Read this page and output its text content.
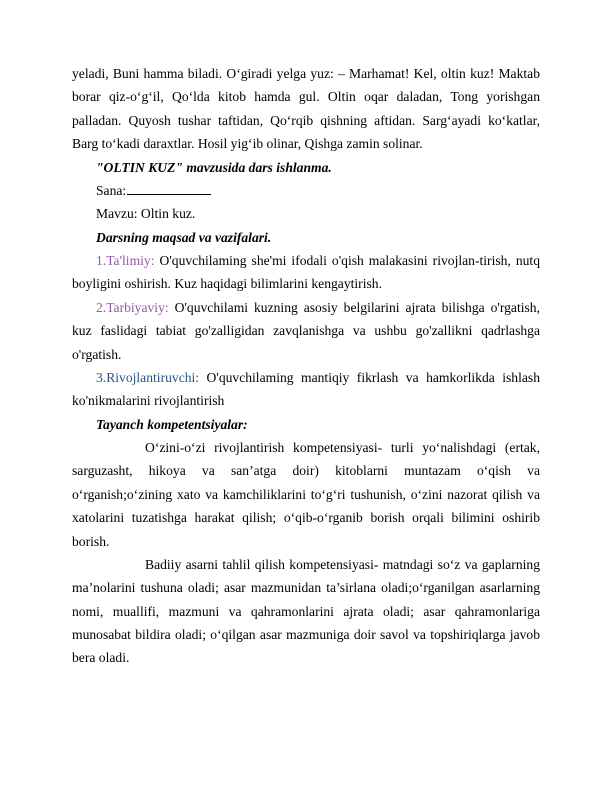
yeladi, Buni hamma biladi. O‘giradi yelga yuz: – Marhamat! Kel, oltin kuz! Maktab borar qiz-o‘g‘il, Qo‘lda kitob hamda gul. Oltin oqar daladan, Tong yorishgan palladan. Quyosh tushar taftidan, Qo‘rqib qishning aftidan. Sarg‘ayadi ko‘katlar, Barg to‘kadi daraxtlar. Hosil yig‘ib olinar, Qishga zamin solinar.

"OLTIN KUZ" mavzusida dars ishlanma.

Sana:

Mavzu: Oltin kuz.

Darsning maqsad va vazifalari.

1.Ta'limiy: O'quvchilaming she'mi ifodali o'qish malakasini rivojlan-tirish, nutq boyligini oshirish. Kuz haqidagi bilimlarini kengaytirish.

2.Tarbiyaviy: O'quvchilami kuzning asosiy belgilarini ajrata bilishga o'rgatish, kuz faslidagi tabiat go'zalligidan zavqlanishga va ushbu go'zallikni qadrlashga o'rgatish.

3.Rivojlantiruvchi: O'quvchilaming mantiqiy fikrlash va hamkorlikda ishlash ko'nikmalarini rivojlantirish

Tayanch kompetentsiyalar:

O‘zini-o‘zi rivojlantirish kompetensiyasi- turli yo‘nalishdagi (ertak, sarguzasht, hikoya va san’atga doir) kitoblarni muntazam o‘qish va o‘rganish;o‘zining xato va kamchiliklarini to‘g‘ri tushunish, o‘zini nazorat qilish va xatolarini tuzatishga harakat qilish; o‘qib-o‘rganib borish orqali bilimini oshirib borish.

Badiiy asarni tahlil qilish kompetensiyasi- matndagi so‘z va gaplarning ma’nolarini tushuna oladi; asar mazmunidan ta’sirlana oladi;o‘rganilgan asarlarning nomi, muallifi, mazmuni va qahramonlarini ajrata oladi; asar qahramonlariga munosabat bildira oladi; o‘qilgan asar mazmuniga doir savol va topshiriqlarga javob bera oladi.
